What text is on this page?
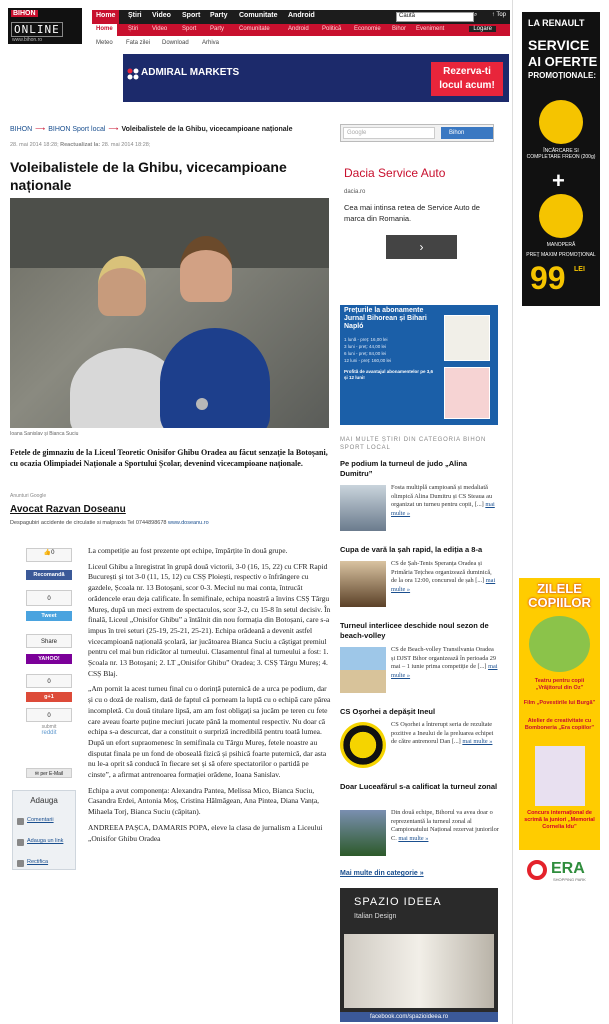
BIHON
ONLINE
www.bihon.ro
Home	Știri Video Sport Party Comunitate Android	Caută	⌕	↑ Top
Home	Știri Video Sport Party Comunitate	Android Politică Economie Bihor Eveniment	Logare
Meteo Fata zilei Download Arhiva
ADMIRAL MARKETS	Rezerva-ti locul acum!
BIHON ⟶ BIHON Sport local ⟶ Voleibalistele de la Ghibu, vicecampioane naționale
28. mai 2014 18:28; Reactualizat la: 28. mai 2014 18:28;
Voleibalistele de la Ghibu, vicecampioane naționale
Ioana Sanislav și Bianca Suciu

Fetele de gimnaziu de la Liceul Teoretic Onisifor Ghibu Oradea au făcut senzație la Botoșani, cu ocazia Olimpiadei Naționale a Sportului Școlar, devenind vicecampioane naționale.

Anunturi Google
Avocat Razvan Doseanu
Despagubiri accidente de circulatie si malpraxis Tel 0744898678 www.doseanu.ro
👍0
Recomandă
0
Tweet
Share
YAHOO!
0
g+1
0
submit
reddit
✉ per E-Mail
Adauga
Comentarii
Adauga un link
Rectifica

La competiție au fost prezente opt echipe, împărțite în două grupe.

Liceul Ghibu a înregistrat în grupă două victorii, 3-0 (16, 15, 22) cu CFR Rapid București și tot 3-0 (11, 15, 12) cu CSȘ Ploiești, respectiv o înfrângere cu gazdele, Școala nr. 13 Botoșani, scor 0-3. Meciul nu mai conta, întrucât orădencele erau deja calificate. În semifinale, echipa noastră a învins CSȘ Târgu Mureș, după un meci extrem de spectaculos, scor 3-2, cu 15-8 în setul decisiv. În finală, Liceul „Onisifor Ghibu” a întâlnit din nou formația din Botoșani, care s-a impus în trei seturi (25-19, 25-21, 25-21). Echipa orădeană a devenit astfel vicecampioană națională școlară, iar jucătoarea Bianca Suciu a câștigat premiul pentru cel mai bun ridicător al turneului. Clasamentul final al turneului a fost: 1. Școala nr. 13 Botoșani; 2. LT „Onisifor Ghibu” Oradea; 3. CSȘ Târgu Mureș; 4. CSȘ Blaj.

„Am pornit la acest turneu final cu o dorință puternică de a urca pe podium, dar și cu o doză de realism, dată de faptul că porneam la luptă cu o echipă care părea incompletă. Cu două titulare lipsă, am am fost obligați sa jucăm pe teren cu fete care aveau foarte puține meciuri jucate până la momentul respectiv. Nu doar că echipa s-a descurcat, dar a constituit o surpriză incredibilă pentru toată lumea. După un efort supraomenesc în semifinala cu Târgu Mureș, fetele noastre au disputat finala pe un fond de oboseală fizică și psihică foarte puternică, dar asta nu le-a oprit să conducă în fiecare set și să ofere spectatorilor o partidă pe cinste”, a afirmat antrenoarea formației orădene, Ioana Sanislav.

Echipa a avut componența: Alexandra Pantea, Melissa Mico, Bianca Suciu, Casandra Erdei, Antonia Moș, Cristina Hălmăgean, Ana Pintea, Diana Vanța, Mihaela Torj, Bianca Suciu (căpitan).

ANDREEA PAȘCA, DAMARIS POPA, eleve la clasa de jurnalism a Liceului „Onisifor Ghibu Oradea

Google	Bihon
Dacia Service Auto
dacia.ro
Cea mai intinsa retea de Service Auto de marca din Romania.
›
Prețurile la abonamente Jurnal Bihorean și Bihari Napló
1 lună - preț: 16,00 lei
3 luni - preț: 44,00 lei
6 luni - preț: 84,00 lei
12 luni - preț: 160,00 lei
Profită de avantajul abonamentelor pe 3,6 și 12 luni!
MAI MULTE ȘTIRI DIN CATEGORIA BIHON SPORT LOCAL
Pe podium la turneul de judo „Alina Dumitru”
Fosta multiplă campioană și medaliată olimpică Alina Dumitru și CS Steaua au organizat un turneu pentru copii, [...] mai multe »
Cupa de vară la șah rapid, la ediția a 8-a
CS de Șah-Tenis Speranța Oradea și Primăria Tețchea organizează duminică, de la ora 12:00, concursul de șah [...] mai multe »
Turneul interliceе deschide noul sezon de beach-volley
CS de Beach-volley Transilvania Oradea și DJST Bihor organizează în perioada 29 mai – 1 iunie prima competiție de [...] mai multe »
CS Oșorhei a depășit Ineul
CS Oșorhei a întrerupt seria de rezultate pozitive a Ineului de la preluarea echipei de către antrenorul Dan [...] mai multe »
Doar Luceafărul s-a calificat la turneul zonal
Din două echipe, Bihorul va avea doar o reprezentantă la turneul zonal al Campionatului Național rezervat juniorilor C. mai multe »
Mai multe din categorie »
SPAZIO IDEEA
Italian Design
facebook.com/spazioideea.ro
LA RENAULT
SERVICE
AI OFERTE
PROMOȚIONALE:
ÎNCĂRCARE SI COMPLETARE FREON (200g)
+
MANOPERĂ
PREȚ MAXIM PROMOȚIONAL
99 LEI
ZILELE COPIILOR
Teatru pentru copii „Vrăjitorul din Oz”
Film „Povestirile lui Burgă”
Atelier de creativitate cu Bomboneria „Era copiilor”
Concurs internațional de scrimă la juniori „Memorial Cornelia Idu”
ERA
SHOPPING PARK
